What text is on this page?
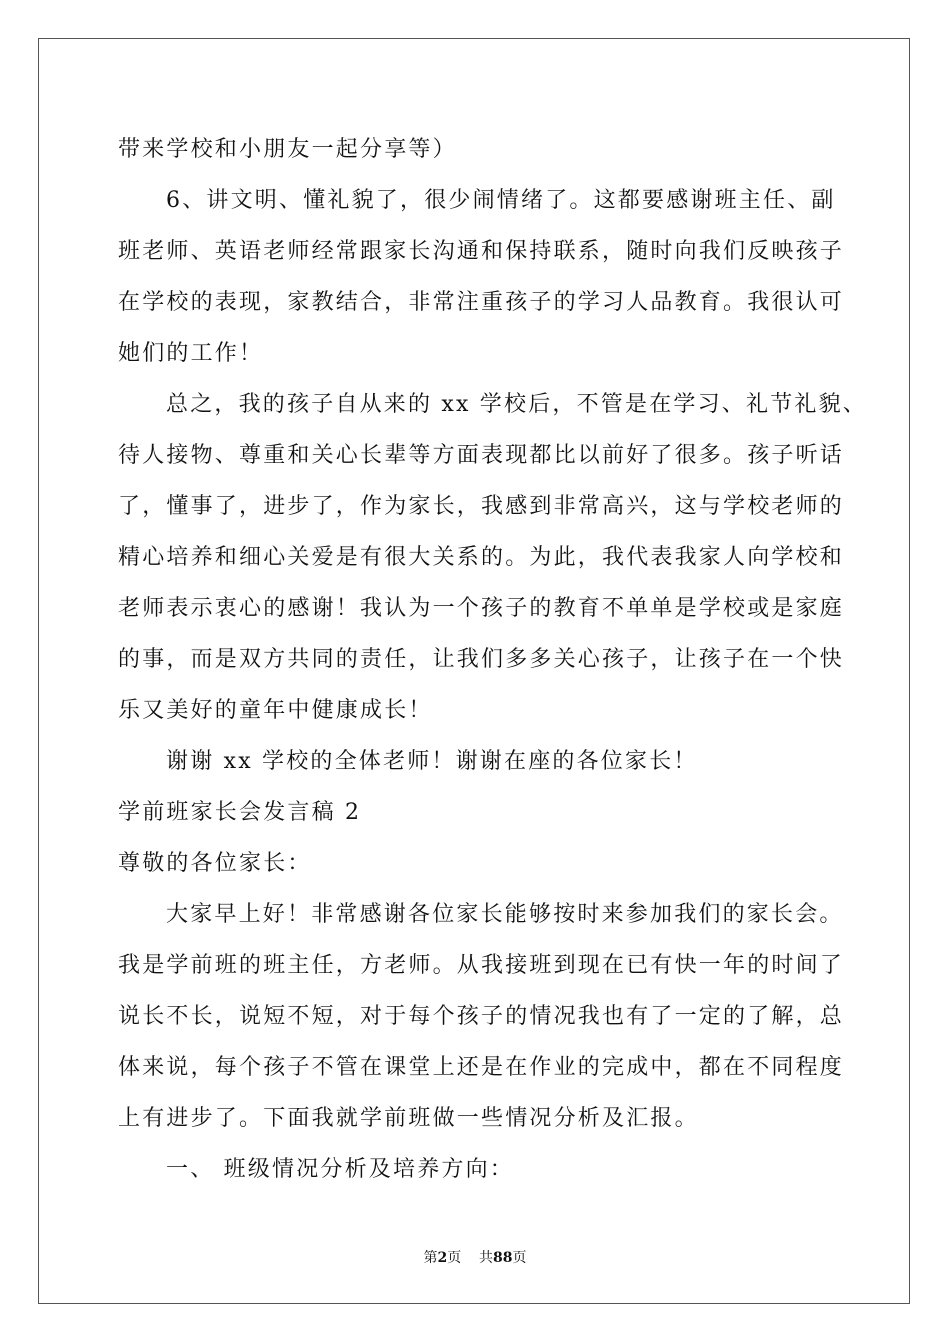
带来学校和小朋友一起分享等）
6、讲文明、懂礼貌了，很少闹情绪了。这都要感谢班主任、副
班老师、英语老师经常跟家长沟通和保持联系，随时向我们反映孩子
在学校的表现，家教结合，非常注重孩子的学习人品教育。我很认可
她们的工作！
总之，我的孩子自从来的 xx 学校后，不管是在学习、礼节礼貌、
待人接物、尊重和关心长辈等方面表现都比以前好了很多。孩子听话
了，懂事了，进步了，作为家长，我感到非常高兴，这与学校老师的
精心培养和细心关爱是有很大关系的。为此，我代表我家人向学校和
老师表示衷心的感谢！我认为一个孩子的教育不单单是学校或是家庭
的事，而是双方共同的责任，让我们多多关心孩子，让孩子在一个快
乐又美好的童年中健康成长！
谢谢 xx 学校的全体老师！谢谢在座的各位家长！
学前班家长会发言稿 2
尊敬的各位家长：
大家早上好！非常感谢各位家长能够按时来参加我们的家长会。
我是学前班的班主任，方老师。从我接班到现在已有快一年的时间了
说长不长，说短不短，对于每个孩子的情况我也有了一定的了解，总
体来说，每个孩子不管在课堂上还是在作业的完成中，都在不同程度
上有进步了。下面我就学前班做一些情况分析及汇报。
一、 班级情况分析及培养方向：
第2页 共88页
